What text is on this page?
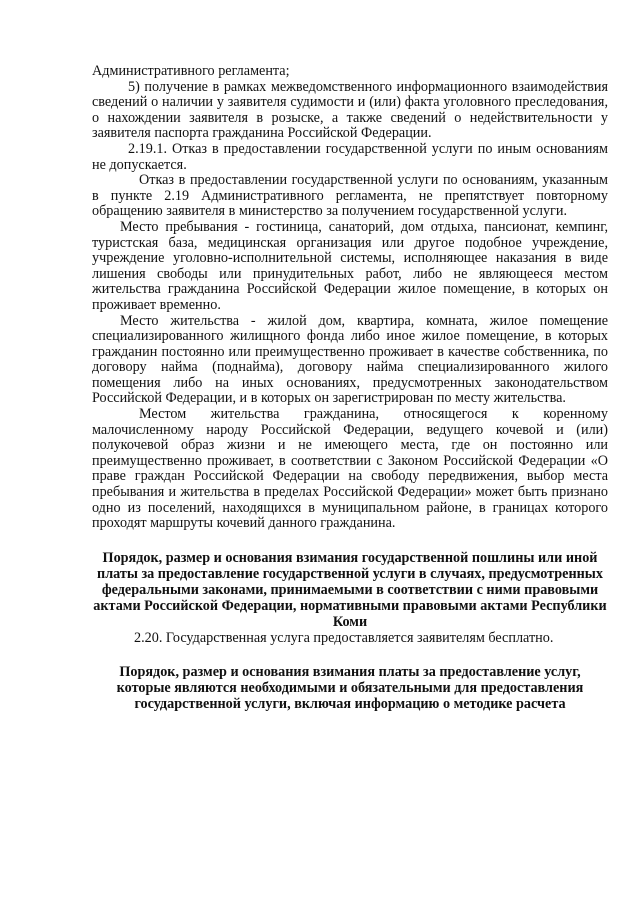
Административного регламента;

5) получение в рамках межведомственного информационного взаимодействия сведений о наличии у заявителя судимости и (или) факта уголовного преследования, о нахождении заявителя в розыске, а также сведений о недействительности у заявителя паспорта гражданина Российской Федерации.

2.19.1. Отказ в предоставлении государственной услуги по иным основаниям не допускается.

Отказ в предоставлении государственной услуги по основаниям, указанным в пункте 2.19 Административного регламента, не препятствует повторному обращению заявителя в министерство за получением государственной услуги.

Место пребывания - гостиница, санаторий, дом отдыха, пансионат, кемпинг, туристская база, медицинская организация или другое подобное учреждение, учреждение уголовно-исполнительной системы, исполняющее наказания в виде лишения свободы или принудительных работ, либо не являющееся местом жительства гражданина Российской Федерации жилое помещение, в которых он проживает временно.

Место жительства - жилой дом, квартира, комната, жилое помещение специализированного жилищного фонда либо иное жилое помещение, в которых гражданин постоянно или преимущественно проживает в качестве собственника, по договору найма (поднайма), договору найма специализированного жилого помещения либо на иных основаниях, предусмотренных законодательством Российской Федерации, и в которых он зарегистрирован по месту жительства.

Местом жительства гражданина, относящегося к коренному малочисленному народу Российской Федерации, ведущего кочевой и (или) полукочевой образ жизни и не имеющего места, где он постоянно или преимущественно проживает, в соответствии с Законом Российской Федерации «О праве граждан Российской Федерации на свободу передвижения, выбор места пребывания и жительства в пределах Российской Федерации» может быть признано одно из поселений, находящихся в муниципальном районе, в границах которого проходят маршруты кочевий данного гражданина.

Порядок, размер и основания взимания государственной пошлины или иной платы за предоставление государственной услуги в случаях, предусмотренных федеральными законами, принимаемыми в соответствии с ними правовыми актами Российской Федерации, нормативными правовыми актами Республики Коми

2.20. Государственная услуга предоставляется заявителям бесплатно.

Порядок, размер и основания взимания платы за предоставление услуг, которые являются необходимыми и обязательными для предоставления государственной услуги, включая информацию о методике расчета
